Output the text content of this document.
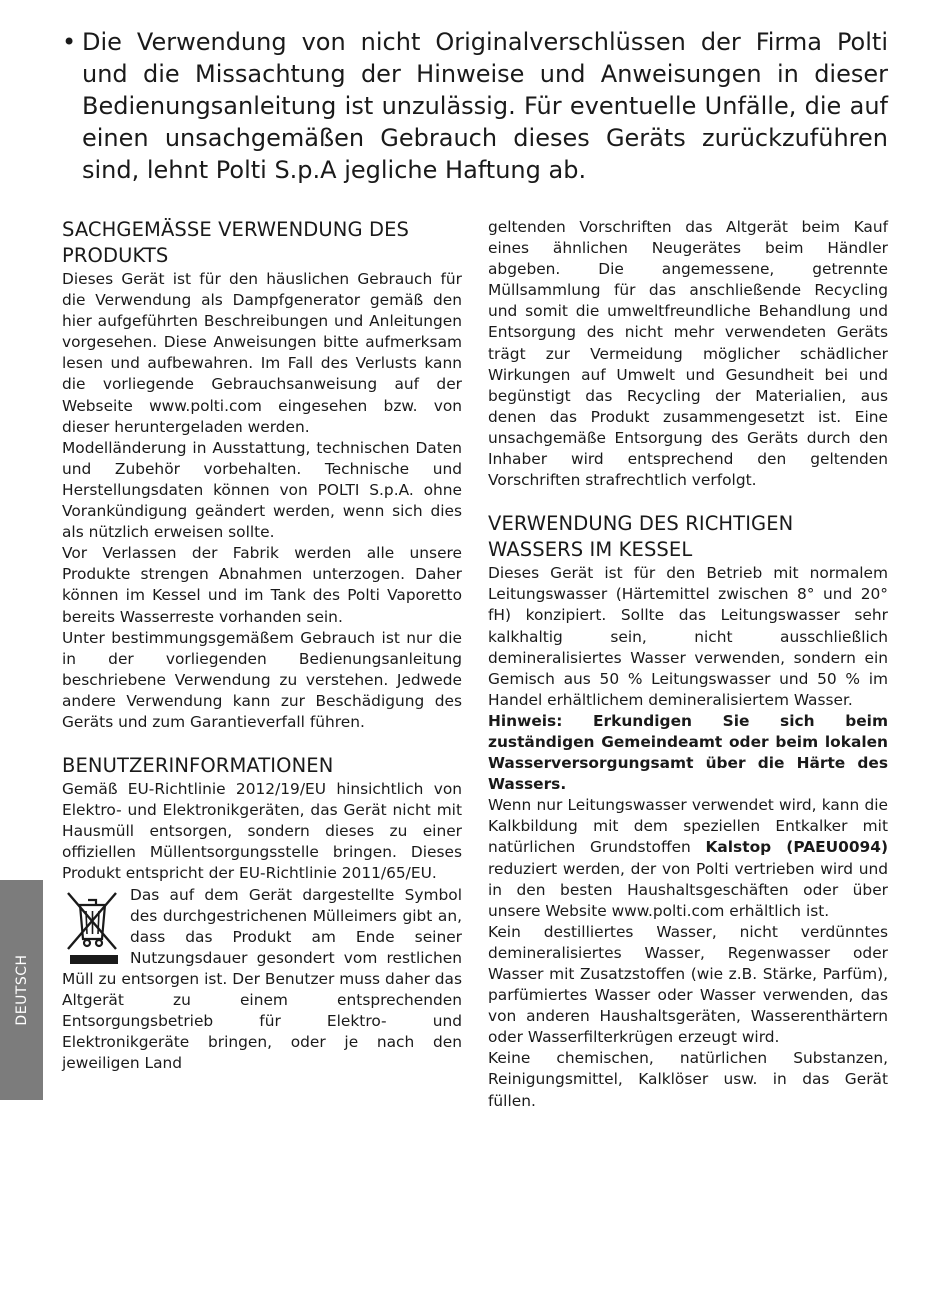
• Die Verwendung von nicht Originalverschlüssen der Firma Polti und die Missachtung der Hinweise und Anweisungen in dieser Bedienungsanleitung ist unzulässig. Für eventuelle Unfälle, die auf einen unsachgemäßen Gebrauch dieses Geräts zurückzuführen sind, lehnt Polti S.p.A jegliche Haftung ab.
SACHGEMÄSSE VERWENDUNG DES PRODUKTS

Dieses Gerät ist für den häuslichen Gebrauch für die Verwendung als Dampfgenerator gemäß den hier aufgeführten Beschreibungen und Anleitungen vorgesehen. Diese Anweisungen bitte aufmerksam lesen und aufbewahren. Im Fall des Verlusts kann die vorliegende Gebrauchsanweisung auf der Webseite www.polti.com eingesehen bzw. von dieser heruntergeladen werden.

Modelländerung in Ausstattung, technischen Daten und Zubehör vorbehalten. Technische und Herstellungsdaten können von POLTI S.p.A. ohne Vorankündigung geändert werden, wenn sich dies als nützlich erweisen sollte.

Vor Verlassen der Fabrik werden alle unsere Produkte strengen Abnahmen unterzogen. Daher können im Kessel und im Tank des Polti Vaporetto bereits Wasserreste vorhanden sein.

Unter bestimmungsgemäßem Gebrauch ist nur die in der vorliegenden Bedienungsanleitung beschriebene Verwendung zu verstehen. Jedwede andere Verwendung kann zur Beschädigung des Geräts und zum Garantieverfall führen.

BENUTZERINFORMATIONEN

Gemäß EU-Richtlinie 2012/19/EU hinsichtlich von Elektro- und Elektronikgeräten, das Gerät nicht mit Hausmüll entsorgen, sondern dieses zu einer offiziellen Müllentsorgungsstelle bringen. Dieses Produkt entspricht der EU-Richtlinie 2011/65/EU.

Das auf dem Gerät dargestellte Symbol des durchgestrichenen Mülleimers gibt an, dass das Produkt am Ende seiner Nutzungsdauer gesondert vom restlichen Müll zu entsorgen ist. Der Benutzer muss daher das Altgerät zu einem entsprechenden Entsorgungsbetrieb für Elektro- und Elektronikgeräte bringen, oder je nach den jeweiligen Land

geltenden Vorschriften das Altgerät beim Kauf eines ähnlichen Neugerätes beim Händler abgeben. Die angemessene, getrennte Müllsammlung für das anschließende Recycling und somit die umweltfreundliche Behandlung und Entsorgung des nicht mehr verwendeten Geräts trägt zur Vermeidung möglicher schädlicher Wirkungen auf Umwelt und Gesundheit bei und begünstigt das Recycling der Materialien, aus denen das Produkt zusammengesetzt ist. Eine unsachgemäße Entsorgung des Geräts durch den Inhaber wird entsprechend den geltenden Vorschriften strafrechtlich verfolgt.

VERWENDUNG DES RICHTIGEN WASSERS IM KESSEL

Dieses Gerät ist für den Betrieb mit normalem Leitungswasser (Härtemittel zwischen 8° und 20° fH) konzipiert. Sollte das Leitungswasser sehr kalkhaltig sein, nicht ausschließlich demineralisiertes Wasser verwenden, sondern ein Gemisch aus 50 % Leitungswasser und 50 % im Handel erhältlichem demineralisiertem Wasser.

Hinweis: Erkundigen Sie sich beim zuständigen Gemeindeamt oder beim lokalen Wasserversorgungsamt über die Härte des Wassers.

Wenn nur Leitungswasser verwendet wird, kann die Kalkbildung mit dem speziellen Entkalker mit natürlichen Grundstoffen Kalstop (PAEU0094) reduziert werden, der von Polti vertrieben wird und in den besten Haushaltsgeschäften oder über unsere Website www.polti.com erhältlich ist.

Kein destilliertes Wasser, nicht verdünntes demineralisiertes Wasser, Regenwasser oder Wasser mit Zusatzstoffen (wie z.B. Stärke, Parfüm), parfümiertes Wasser oder Wasser verwenden, das von anderen Haushaltsgeräten, Wasserenthärtern oder Wasserfilterkrügen erzeugt wird.

Keine chemischen, natürlichen Substanzen, Reinigungsmittel, Kalklöser usw. in das Gerät füllen.

DEUTSCH
